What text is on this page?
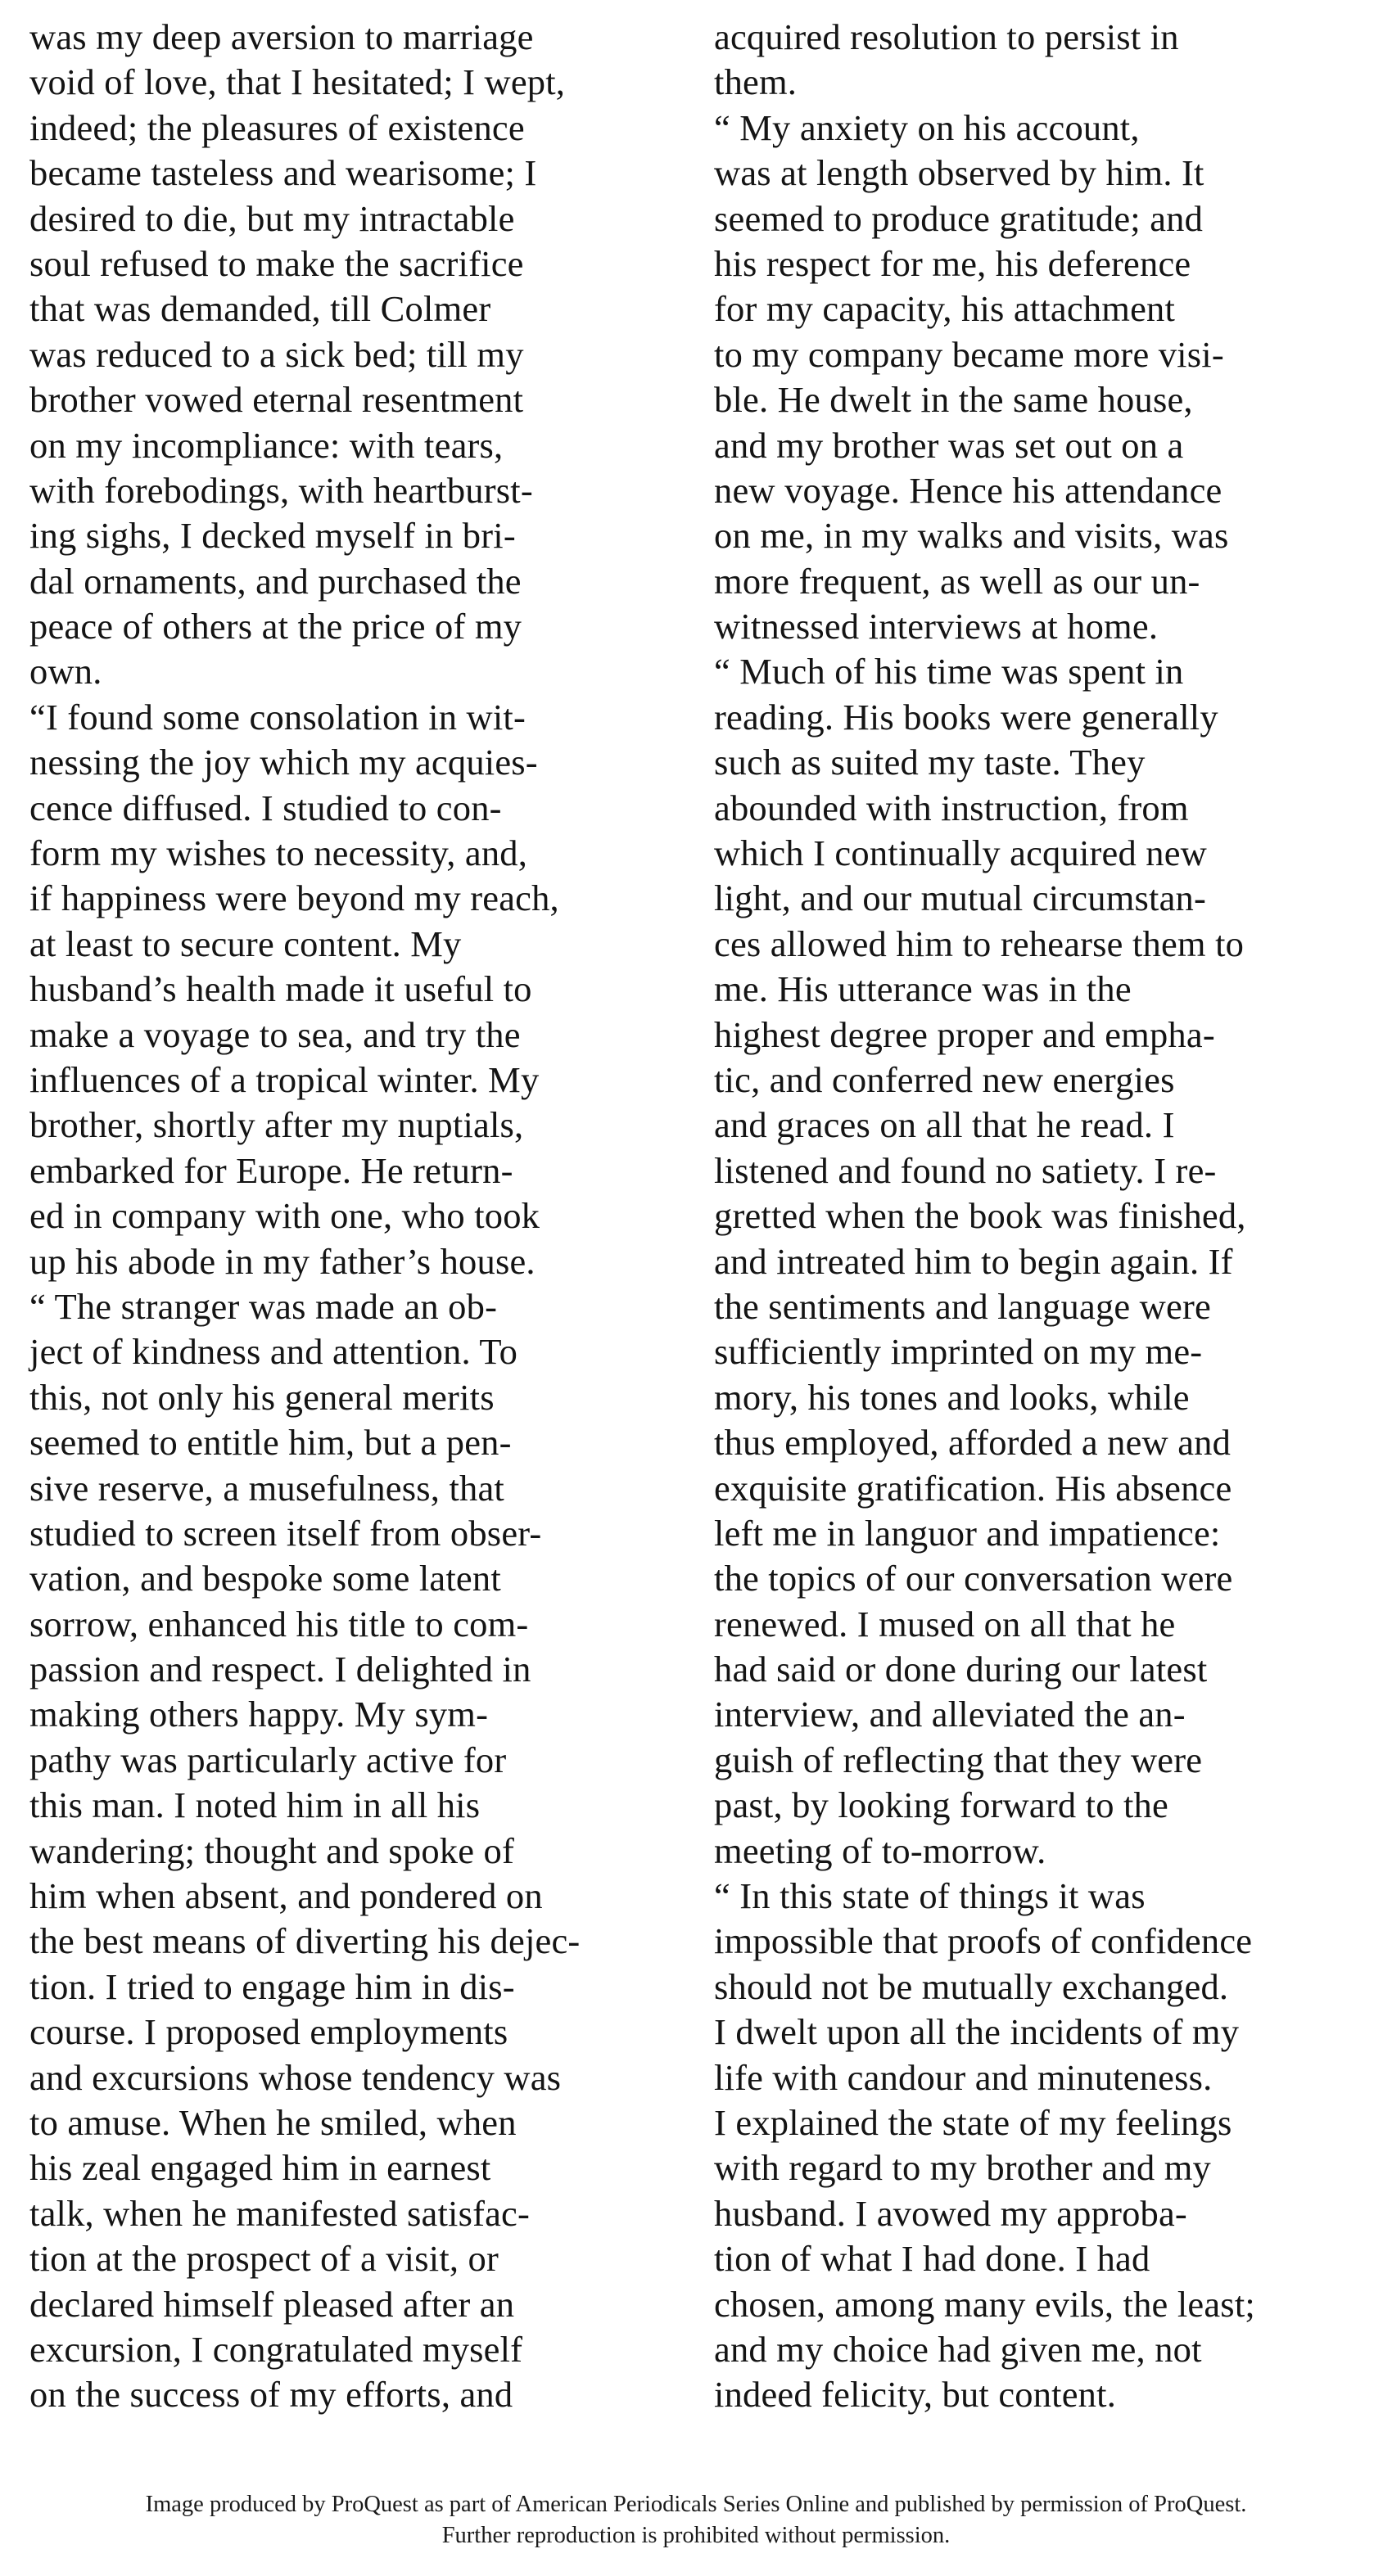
was my deep aversion to marriage
void of love, that I hesitated; I wept,
indeed; the pleasures of existence
became tasteless and wearisome; I
desired to die, but my intractable
soul refused to make the sacrifice
that was demanded, till Colmer
was reduced to a sick bed; till my
brother vowed eternal resentment
on my incompliance: with tears,
with forebodings, with heartburst-
ing sighs, I decked myself in bri-
dal ornaments, and purchased the
peace of others at the price of my
own.
“I found some consolation in wit-
nessing the joy which my acquies-
cence diffused. I studied to con-
form my wishes to necessity, and,
if happiness were beyond my reach,
at least to secure content. My
husband’s health made it useful to
make a voyage to sea, and try the
influences of a tropical winter. My
brother, shortly after my nuptials,
embarked for Europe. He return-
ed in company with one, who took
up his abode in my father’s house.
“ The stranger was made an ob-
ject of kindness and attention. To
this, not only his general merits
seemed to entitle him, but a pen-
sive reserve, a musefulness, that
studied to screen itself from obser-
vation, and bespoke some latent
sorrow, enhanced his title to com-
passion and respect. I delighted in
making others happy. My sym-
pathy was particularly active for
this man. I noted him in all his
wandering; thought and spoke of
him when absent, and pondered on
the best means of diverting his dejec-
tion. I tried to engage him in dis-
course. I proposed employments
and excursions whose tendency was
to amuse. When he smiled, when
his zeal engaged him in earnest
talk, when he manifested satisfac-
tion at the prospect of a visit, or
declared himself pleased after an
excursion, I congratulated myself
on the success of my efforts, and
acquired resolution to persist in
them.
“ My anxiety on his account,
was at length observed by him. It
seemed to produce gratitude; and
his respect for me, his deference
for my capacity, his attachment
to my company became more visi-
ble. He dwelt in the same house,
and my brother was set out on a
new voyage. Hence his attendance
on me, in my walks and visits, was
more frequent, as well as our un-
witnessed interviews at home.
“ Much of his time was spent in
reading. His books were generally
such as suited my taste. They
abounded with instruction, from
which I continually acquired new
light, and our mutual circumstan-
ces allowed him to rehearse them to
me. His utterance was in the
highest degree proper and empha-
tic, and conferred new energies
and graces on all that he read. I
listened and found no satiety. I re-
gretted when the book was finished,
and intreated him to begin again. If
the sentiments and language were
sufficiently imprinted on my me-
mory, his tones and looks, while
thus employed, afforded a new and
exquisite gratification. His absence
left me in languor and impatience:
the topics of our conversation were
renewed. I mused on all that he
had said or done during our latest
interview, and alleviated the an-
guish of reflecting that they were
past, by looking forward to the
meeting of to-morrow.
“ In this state of things it was
impossible that proofs of confidence
should not be mutually exchanged.
I dwelt upon all the incidents of my
life with candour and minuteness.
I explained the state of my feelings
with regard to my brother and my
husband. I avowed my approba-
tion of what I had done. I had
chosen, among many evils, the least;
and my choice had given me, not
indeed felicity, but content.
Image produced by ProQuest as part of American Periodicals Series Online and published by permission of ProQuest.
Further reproduction is prohibited without permission.
